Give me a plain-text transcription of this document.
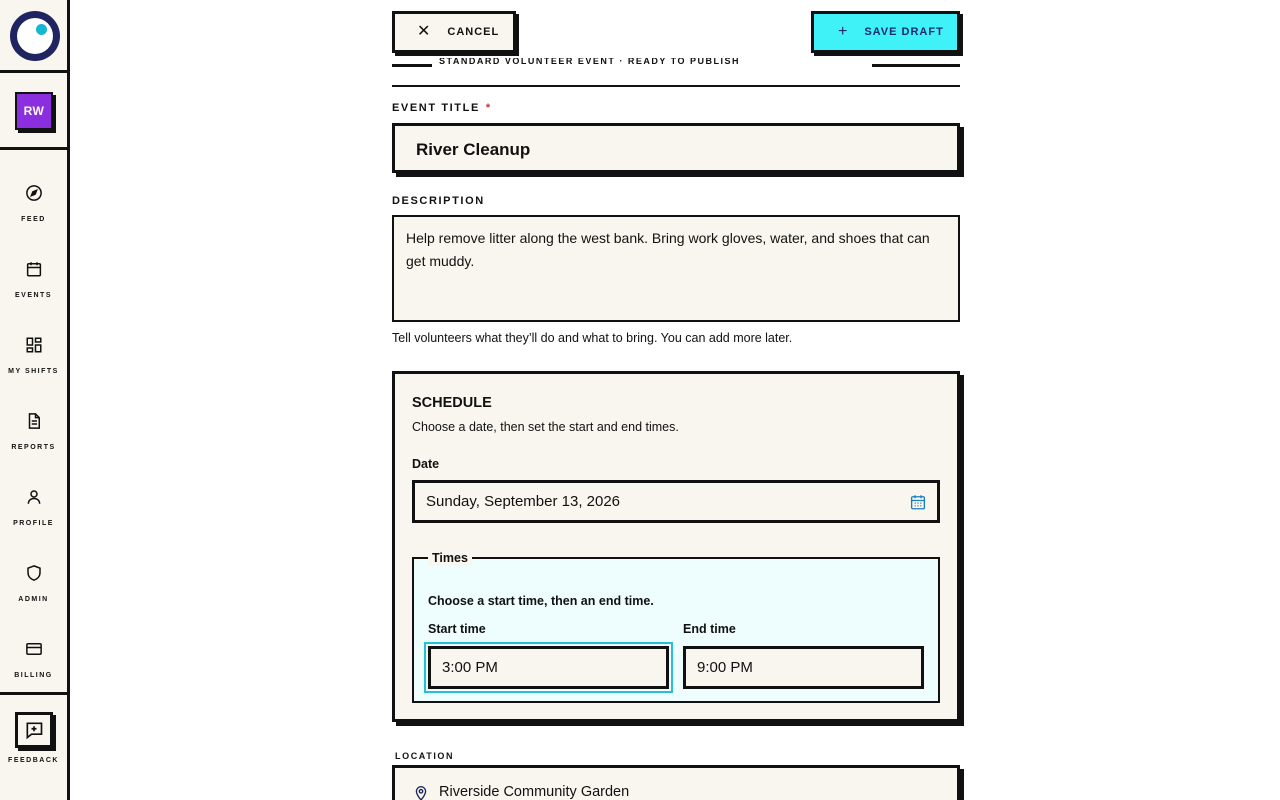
RW
FEED
EVENTS
MY SHIFTS
REPORTS
PROFILE
ADMIN
BILLING
FEEDBACK
STANDARD VOLUNTEER EVENT · READY TO PUBLISH
✕ CANCEL	+ SAVE DRAFT
EVENT TITLE *
River Cleanup
DESCRIPTION
Help remove litter along the west bank. Bring work gloves, water, and shoes that can get muddy.
Tell volunteers what they’ll do and what to bring. You can add more later.
SCHEDULE
Choose a date, then set the start and end times.
Date
Sunday, September 13, 2026
Times
Choose a start time, then an end time.
Start time	End time
3:00 PM	9:00 PM
LOCATION
Riverside Community Garden
